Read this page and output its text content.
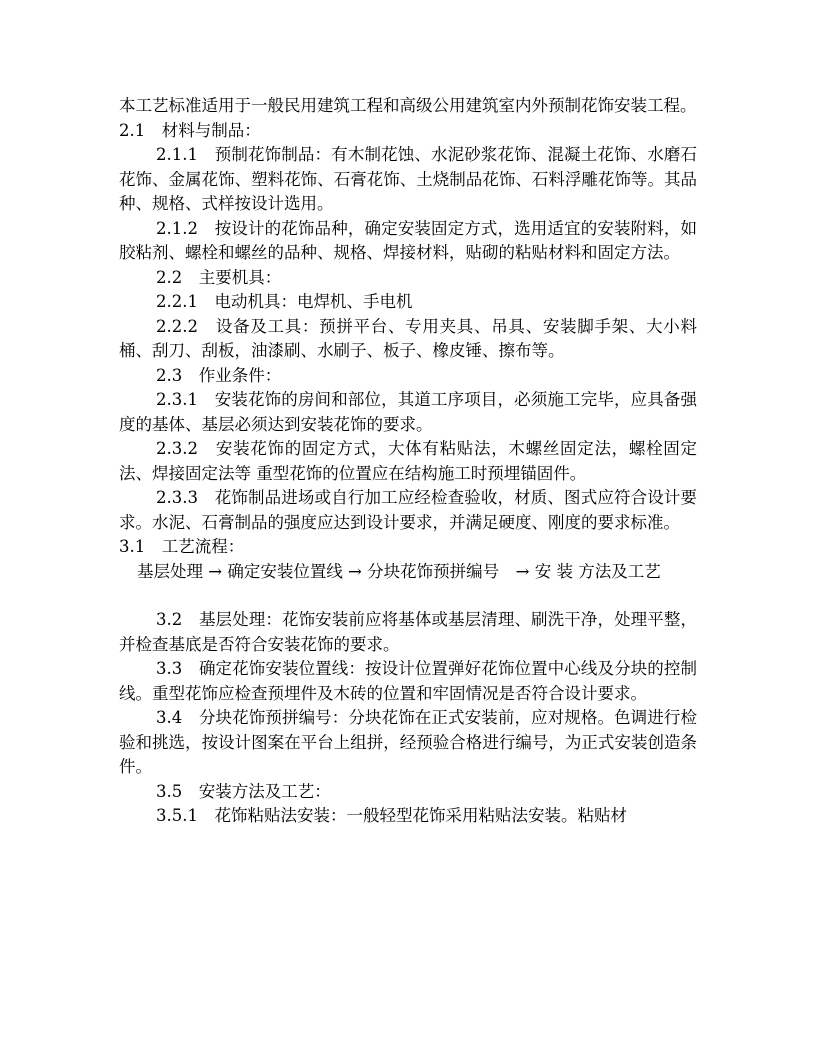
本工艺标准适用于一般民用建筑工程和高级公用建筑室内外预制花饰安装工程。

2.1　材料与制品：

2.1.1　预制花饰制品：有木制花蚀、水泥砂浆花饰、混凝土花饰、水磨石花饰、金属花饰、塑料花饰、石膏花饰、土烧制品花饰、石料浮雕花饰等。其品种、规格、式样按设计选用。

2.1.2　按设计的花饰品种，确定安装固定方式，选用适宜的安装附料，如胶粘剂、螺栓和螺丝的品种、规格、焊接材料，贴砌的粘贴材料和固定方法。

2.2　主要机具：

2.2.1　电动机具：电焊机、手电机

2.2.2　设备及工具：预拼平台、专用夹具、吊具、安装脚手架、大小料桶、刮刀、刮板，油漆刷、水刷子、板子、橡皮锤、擦布等。

2.3　作业条件：

2.3.1　安装花饰的房间和部位，其道工序项目，必须施工完毕，应具备强度的基体、基层必须达到安装花饰的要求。

2.3.2　安装花饰的固定方式，大体有粘贴法，木螺丝固定法，螺栓固定法、焊接固定法等 重型花饰的位置应在结构施工时预埋锚固件。

2.3.3　花饰制品进场或自行加工应经检查验收，材质、图式应符合设计要求。水泥、石膏制品的强度应达到设计要求，并满足硬度、刚度的要求标准。

3.1　工艺流程：

基层处理 → 确定安装位置线 → 分块花饰预拼编号　→ 安 装 方法及工艺

3.2　基层处理：花饰安装前应将基体或基层清理、刷洗干净，处理平整，并检查基底是否符合安装花饰的要求。

3.3　确定花饰安装位置线：按设计位置弹好花饰位置中心线及分块的控制线。重型花饰应检查预埋件及木砖的位置和牢固情况是否符合设计要求。

3.4　分块花饰预拼编号：分块花饰在正式安装前，应对规格。色调进行检验和挑选，按设计图案在平台上组拼，经预验合格进行编号，为正式安装创造条件。

3.5　安装方法及工艺：

3.5.1　花饰粘贴法安装：一般轻型花饰采用粘贴法安装。粘贴材
